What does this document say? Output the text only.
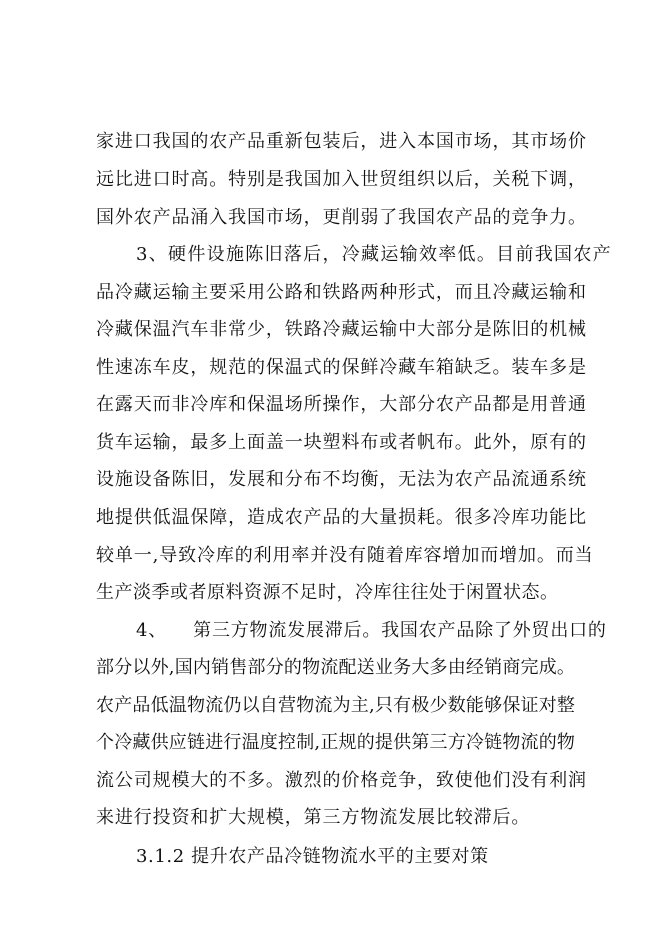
家进口我国的农产品重新包装后，进入本国市场，其市场价

远比进口时高。特别是我国加入世贸组织以后，关税下调，

国外农产品涌入我国市场，更削弱了我国农产品的竞争力。

3、硬件设施陈旧落后，冷藏运输效率低。目前我国农产

品冷藏运输主要采用公路和铁路两种形式，而且冷藏运输和

冷藏保温汽车非常少，铁路冷藏运输中大部分是陈旧的机械

性速冻车皮，规范的保温式的保鲜冷藏车箱缺乏。装车多是

在露天而非冷库和保温场所操作，大部分农产品都是用普通

货车运输，最多上面盖一块塑料布或者帆布。此外，原有的

设施设备陈旧，发展和分布不均衡，无法为农产品流通系统

地提供低温保障，造成农产品的大量损耗。很多冷库功能比

较单一,导致冷库的利用率并没有随着库容增加而增加。而当

生产淡季或者原料资源不足时，冷库往往处于闲置状态。

4、    第三方物流发展滞后。我国农产品除了外贸出口的

部分以外,国内销售部分的物流配送业务大多由经销商完成。

农产品低温物流仍以自营物流为主,只有极少数能够保证对整

个冷藏供应链进行温度控制,正规的提供第三方冷链物流的物

流公司规模大的不多。激烈的价格竞争，致使他们没有利润

来进行投资和扩大规模，第三方物流发展比较滞后。

3.1.2 提升农产品冷链物流水平的主要对策
